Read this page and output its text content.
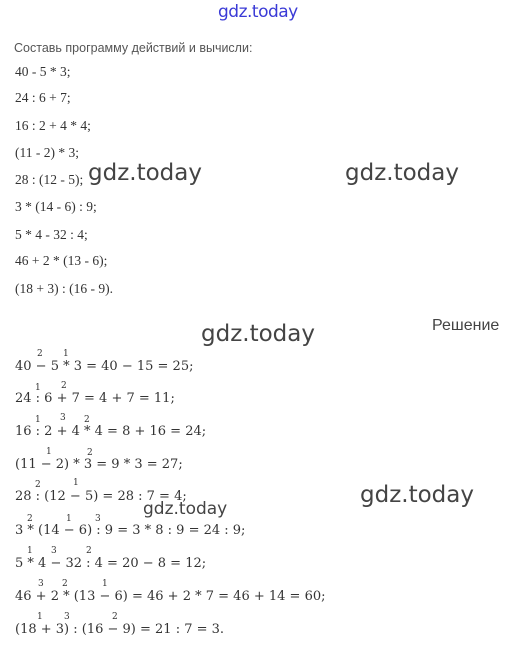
gdz.today
Составь программу действий и вычисли:
40 - 5 * 3;
24 : 6 + 7;
16 : 2 + 4 * 4;
(11 - 2) * 3;
28 : (12 - 5);
3 * (14 - 6) : 9;
5 * 4 - 32 : 4;
46 + 2 * (13 - 6);
(18 + 3) : (16 - 9).
gdz.today	gdz.today
gdz.today	Решение
40 − 5 * 3 = 40 − 15 = 25;
2 1
24 : 6 + 7 = 4 + 7 = 11;
1 2
16 : 2 + 4 * 4 = 8 + 16 = 24;
1 3 2
(11 − 2) * 3 = 9 * 3 = 27;
1	2
28 : (12 − 5) = 28 : 7 = 4;
2	1	gdz.today
gdz.today
3 * (14 − 6) : 9 = 3 * 8 : 9 = 24 : 9;
2	1	3
5 * 4 − 32 : 4 = 20 − 8 = 12;
1 3	2
46 + 2 * (13 − 6) = 46 + 2 * 7 = 46 + 14 = 60;
3 2	1
(18 + 3) : (16 − 9) = 21 : 7 = 3.
1 3	2
